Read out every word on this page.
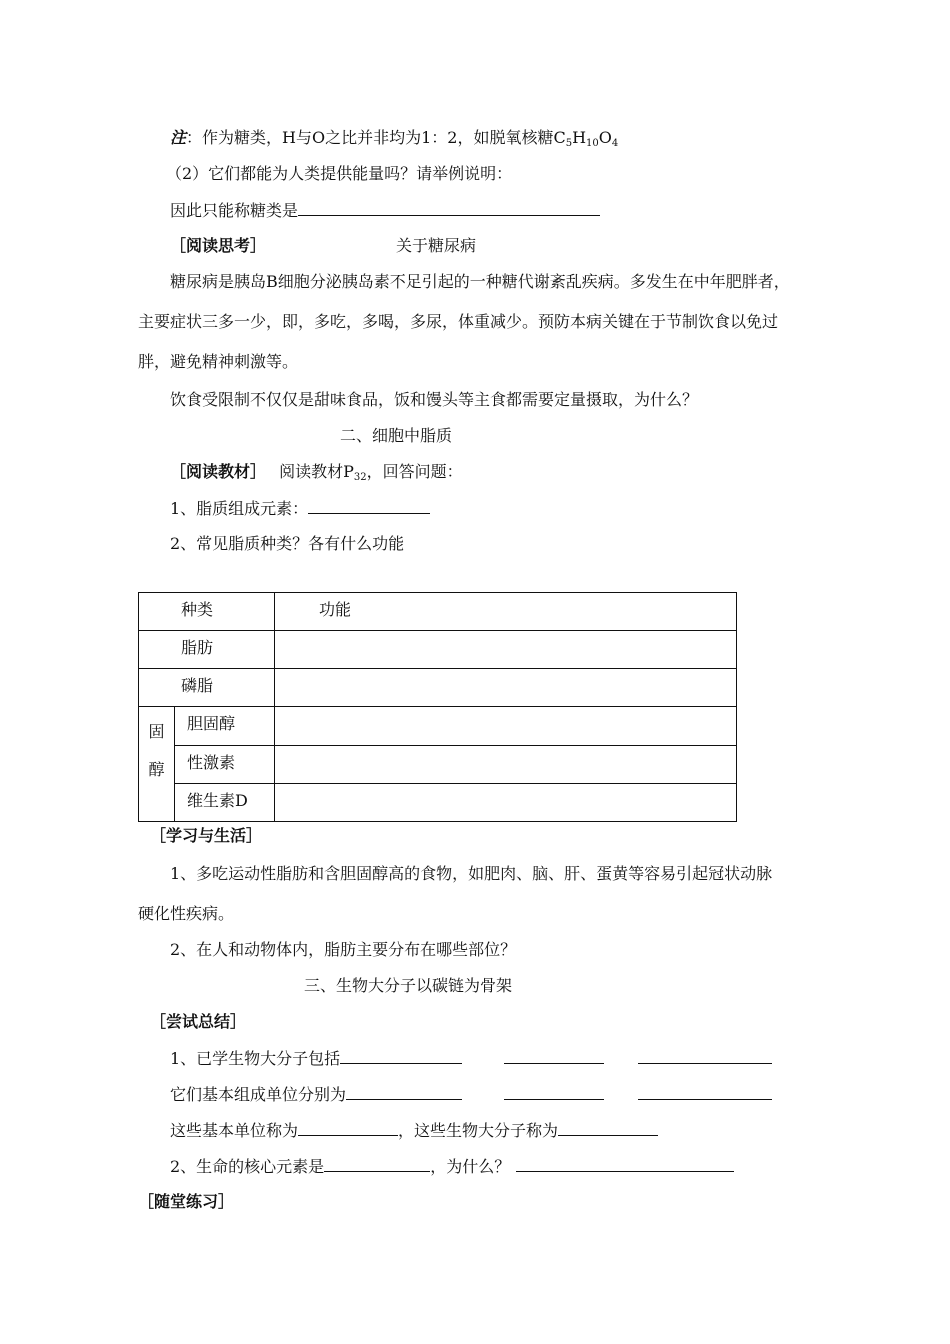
注：作为糖类，H与O之比并非均为1：2，如脱氧核糖$C_5H_{10}O_4$
（2）它们都能为人类提供能量吗？请举例说明：
因此只能称糖类是
［阅读思考］	关于糖尿病
糖尿病是胰岛B细胞分泌胰岛素不足引起的一种糖代谢紊乱疾病。多发生在中年肥胖者，
主要症状三多一少，即，多吃，多喝，多尿，体重减少。预防本病关键在于节制饮食以免过
胖，避免精神刺激等。
饮食受限制不仅仅是甜味食品，饭和馒头等主食都需要定量摄取，为什么？
二、细胞中脂质
［阅读教材］ 阅读教材$P_{32}$，回答问题：
1、脂质组成元素：
2、常见脂质种类？各有什么功能
种类		功能
脂肪		
磷脂		
固
醇	胆固醇	
	性激素	
	维生素D	
［学习与生活］
1、多吃运动性脂肪和含胆固醇高的食物，如肥肉、脑、肝、蛋黄等容易引起冠状动脉
硬化性疾病。
2、在人和动物体内，脂肪主要分布在哪些部位？
三、生物大分子以碳链为骨架
［尝试总结］
1、已学生物大分子包括
它们基本组成单位分别为
这些基本单位称为	，这些生物大分子称为
2、生命的核心元素是	，为什么？
［随堂练习］
